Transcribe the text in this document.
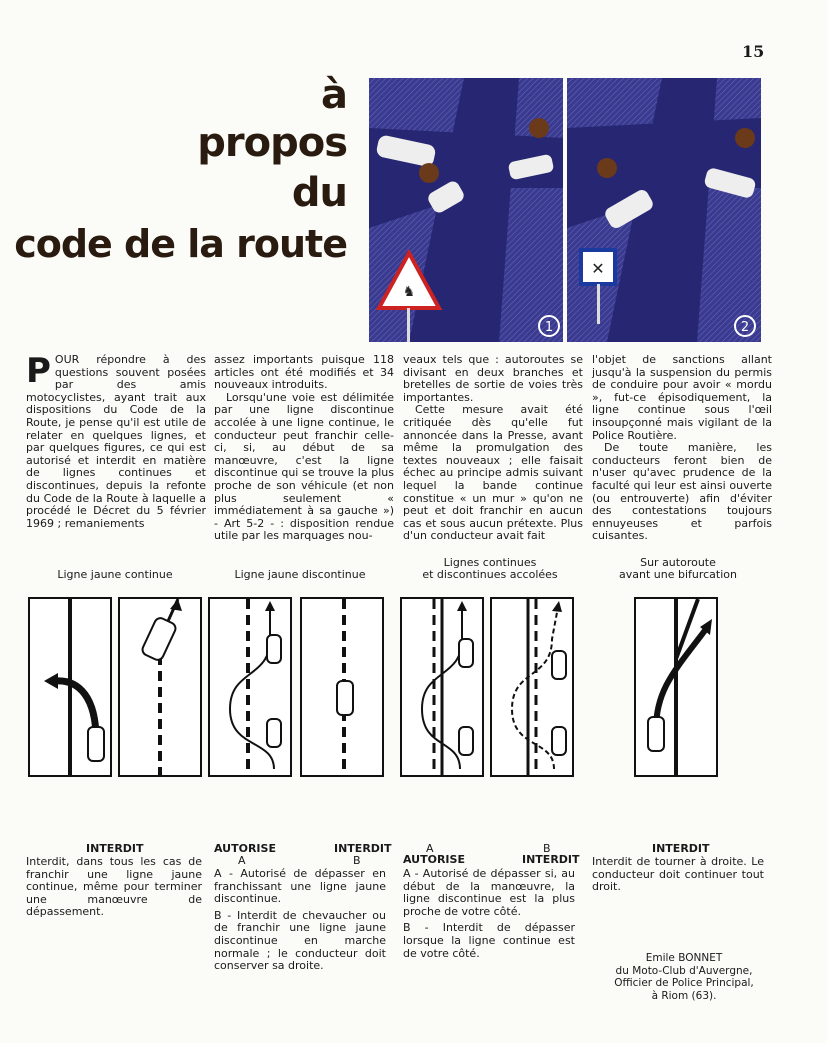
15
à
propos
du
code de la route
♞
1
✕
2

POUR répondre à des questions souvent posées par des amis motocyclistes, ayant trait aux dispositions du Code de la Route, je pense qu'il est utile de relater en quelques lignes, et par quelques figures, ce qui est autorisé et interdit en matière de lignes continues et discontinues, depuis la refonte du Code de la Route à laquelle a procédé le Décret du 5 février 1969 ; remaniements

assez importants puisque 118 articles ont été modifiés et 34 nouveaux introduits.

Lorsqu'une voie est délimitée par une ligne discontinue accolée à une ligne continue, le conducteur peut franchir celle-ci, si, au début de sa manœuvre, c'est la ligne discontinue qui se trouve la plus proche de son véhicule (et non plus seulement « immédiatement à sa gauche ») - Art 5-2 - : disposition rendue utile par les marquages nou-

veaux tels que : autoroutes se divisant en deux branches et bretelles de sortie de voies très importantes.

Cette mesure avait été critiquée dès qu'elle fut annoncée dans la Presse, avant même la promulgation des textes nouveaux ; elle faisait échec au principe admis suivant lequel la bande continue constitue « un mur » qu'on ne peut et doit franchir en aucun cas et sous aucun prétexte. Plus d'un conducteur avait fait

l'objet de sanctions allant jusqu'à la suspension du permis de conduire pour avoir « mordu », fut-ce épisodiquement, la ligne continue sous l'œil insoupçonné mais vigilant de la Police Routière.

De toute manière, les conducteurs feront bien de n'user qu'avec prudence de la faculté qui leur est ainsi ouverte (ou entrouverte) afin d'éviter des contestations toujours ennuyeuses et parfois cuisantes.

Ligne jaune continue	Ligne jaune discontinue
Lignes continues
et discontinues accolées
Sur autoroute
avant une bifurcation
INTERDIT

Interdit, dans tous les cas de franchir une ligne jaune continue, même pour terminer une manœuvre de dépassement.

AUTORISE	INTERDIT
A	B

A - Autorisé de dépasser en franchissant une ligne jaune discontinue.

B - Interdit de chevaucher ou de franchir une ligne jaune discontinue en marche normale ; le conducteur doit conserver sa droite.

A	B
AUTORISE	INTERDIT

A - Autorisé de dépasser si, au début de la manœuvre, la ligne discontinue est la plus proche de votre côté.

B - Interdit de dépasser lorsque la ligne continue est de votre côté.

INTERDIT

Interdit de tourner à droite. Le conducteur doit continuer tout droit.

Emile BONNET
du Moto-Club d'Auvergne,
Officier de Police Principal,
à Riom (63).
